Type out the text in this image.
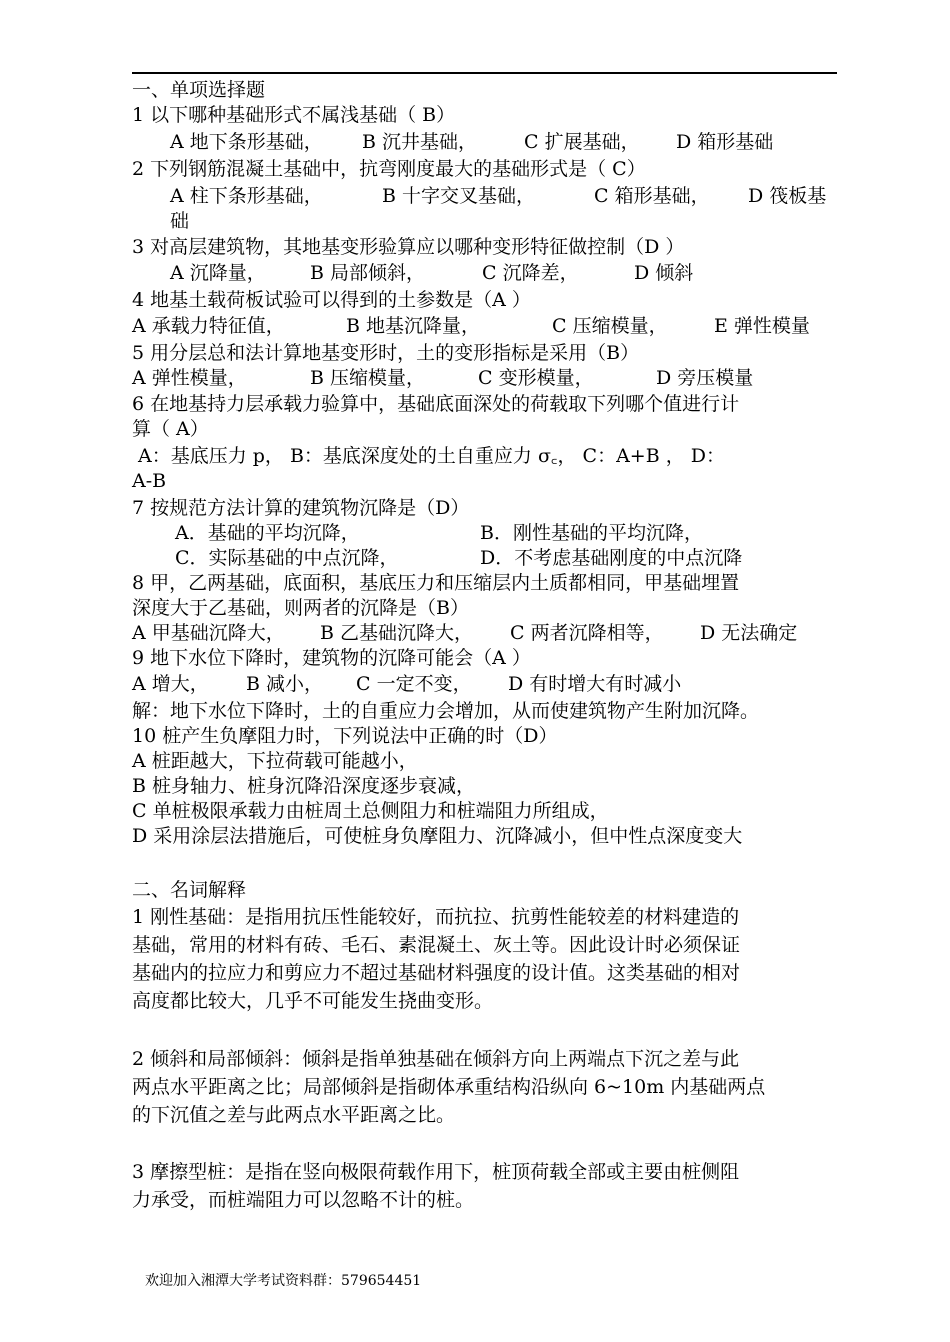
一、单项选择题
1 以下哪种基础形式不属浅基础（ B）
A 地下条形基础， B 沉井基础， C 扩展基础， D 箱形基础
2 下列钢筋混凝土基础中，抗弯刚度最大的基础形式是（ C）
A 柱下条形基础，	B 十字交叉基础，	C 箱形基础， D 筏板基
础
3 对高层建筑物，其地基变形验算应以哪种变形特征做控制（D ）
A 沉降量， B 局部倾斜，	C 沉降差，	D 倾斜
4 地基土载荷板试验可以得到的土参数是（A ）
A 承载力特征值，	B 地基沉降量，	C 压缩模量， E 弹性模量
5 用分层总和法计算地基变形时，土的变形指标是采用（B）
A 弹性模量，	B 压缩模量，	C 变形模量，	D 旁压模量
6 在地基持力层承载力验算中，基础底面深处的荷载取下列哪个值进行计
算（ A）
A：基底压力 p， B：基底深度处的土自重应力 σ꜀， C：A+B ， D：
A-B
7 按规范方法计算的建筑物沉降是（D）
A．基础的平均沉降，	B．刚性基础的平均沉降，
C．实际基础的中点沉降，	D．不考虑基础刚度的中点沉降
8 甲，乙两基础，底面积，基底压力和压缩层内土质都相同，甲基础埋置
深度大于乙基础，则两者的沉降是（B）
A 甲基础沉降大， B 乙基础沉降大， C 两者沉降相等， D 无法确定
9 地下水位下降时，建筑物的沉降可能会（A ）
A 增大， B 减小， C 一定不变， D 有时增大有时减小
解：地下水位下降时，土的自重应力会增加，从而使建筑物产生附加沉降。
10 桩产生负摩阻力时，下列说法中正确的时（D）
A 桩距越大，下拉荷载可能越小，
B 桩身轴力、桩身沉降沿深度逐步衰减，
C 单桩极限承载力由桩周土总侧阻力和桩端阻力所组成，
D 采用涂层法措施后，可使桩身负摩阻力、沉降减小，但中性点深度变大
二、名词解释
1 刚性基础：是指用抗压性能较好，而抗拉、抗剪性能较差的材料建造的
基础，常用的材料有砖、毛石、素混凝土、灰土等。因此设计时必须保证
基础内的拉应力和剪应力不超过基础材料强度的设计值。这类基础的相对
高度都比较大，几乎不可能发生挠曲变形。
2 倾斜和局部倾斜：倾斜是指单独基础在倾斜方向上两端点下沉之差与此
两点水平距离之比；局部倾斜是指砌体承重结构沿纵向 6~10m 内基础两点
的下沉值之差与此两点水平距离之比。
3 摩擦型桩：是指在竖向极限荷载作用下，桩顶荷载全部或主要由桩侧阻
力承受，而桩端阻力可以忽略不计的桩。
欢迎加入湘潭大学考试资料群：579654451
